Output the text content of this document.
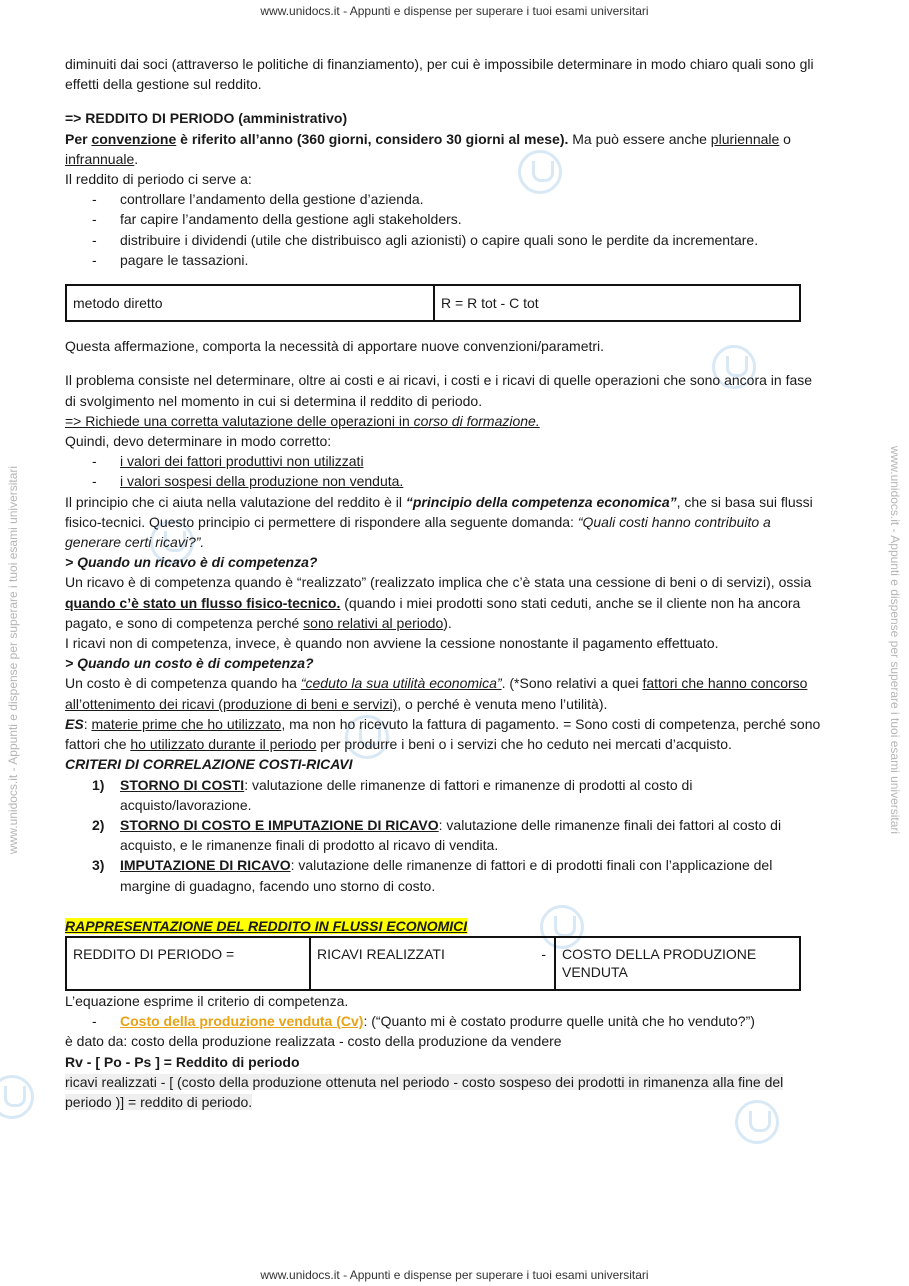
www.unidocs.it - Appunti e dispense per superare i tuoi esami universitari
www.unidocs.it - Appunti e dispense per superare i tuoi esami universitari	www.unidocs.it - Appunti e dispense per superare i tuoi esami universitari

diminuiti dai soci (attraverso le politiche di finanziamento), per cui è impossibile determinare in modo chiaro quali sono gli effetti della gestione sul reddito.

=> REDDITO DI PERIODO (amministrativo)

Per convenzione è riferito all’anno (360 giorni, considero 30 giorni al mese). Ma può essere anche pluriennale o infrannuale.

Il reddito di periodo ci serve a:

- controllare l’andamento della gestione d’azienda.
- far capire l’andamento della gestione agli stakeholders.
- distribuire i dividendi (utile che distribuisco agli azionisti) o capire quali sono le perdite da incrementare.
- pagare le tassazioni.
metodo diretto	R = R tot - C tot

Questa affermazione, comporta la necessità di apportare nuove convenzioni/parametri.

Il problema consiste nel determinare, oltre ai costi e ai ricavi, i costi e i ricavi di quelle operazioni che sono ancora in fase di svolgimento nel momento in cui si determina il reddito di periodo.

=> Richiede una corretta valutazione delle operazioni in corso di formazione.

Quindi, devo determinare in modo corretto:

- i valori dei fattori produttivi non utilizzati
- i valori sospesi della produzione non venduta.

Il principio che ci aiuta nella valutazione del reddito è il “principio della competenza economica”, che si basa sui flussi fisico-tecnici. Questo principio ci permettere di rispondere alla seguente domanda: “Quali costi hanno contribuito a generare certi ricavi?”.

> Quando un ricavo è di competenza?

Un ricavo è di competenza quando è “realizzato” (realizzato implica che c’è stata una cessione di beni o di servizi), ossia quando c’è stato un flusso fisico-tecnico. (quando i miei prodotti sono stati ceduti, anche se il cliente non ha ancora pagato, e sono di competenza perché sono relativi al periodo).

I ricavi non di competenza, invece, è quando non avviene la cessione nonostante il pagamento effettuato.

> Quando un costo è di competenza?

Un costo è di competenza quando ha “ceduto la sua utilità economica”. (*Sono relativi a quei fattori che hanno concorso all’ottenimento dei ricavi (produzione di beni e servizi), o perché è venuta meno l’utilità).

ES: materie prime che ho utilizzato, ma non ho ricevuto la fattura di pagamento. = Sono costi di competenza, perché sono fattori che ho utilizzato durante il periodo per produrre i beni o i servizi che ho ceduto nei mercati d’acquisto.

CRITERI DI CORRELAZIONE COSTI-RICAVI

1) STORNO DI COSTI: valutazione delle rimanenze di fattori e rimanenze di prodotti al costo di acquisto/lavorazione.
2) STORNO DI COSTO E IMPUTAZIONE DI RICAVO: valutazione delle rimanenze finali dei fattori al costo di acquisto, e le rimanenze finali di prodotto al ricavo di vendita.
3) IMPUTAZIONE DI RICAVO: valutazione delle rimanenze di fattori e di prodotti finali con l’applicazione del margine di guadagno, facendo uno storno di costo.

RAPPRESENTAZIONE DEL REDDITO IN FLUSSI ECONOMICI

REDDITO DI PERIODO =	RICAVI REALIZZATI	-	COSTO DELLA PRODUZIONE VENDUTA

L’equazione esprime il criterio di competenza.

- Costo della produzione venduta (Cv): (“Quanto mi è costato produrre quelle unità che ho venduto?”)

è dato da: costo della produzione realizzata - costo della produzione da vendere

Rv - [ Po - Ps ] = Reddito di periodo

ricavi realizzati - [ (costo della produzione ottenuta nel periodo - costo sospeso dei prodotti in rimanenza alla fine del periodo )] = reddito di periodo.

www.unidocs.it - Appunti e dispense per superare i tuoi esami universitari
